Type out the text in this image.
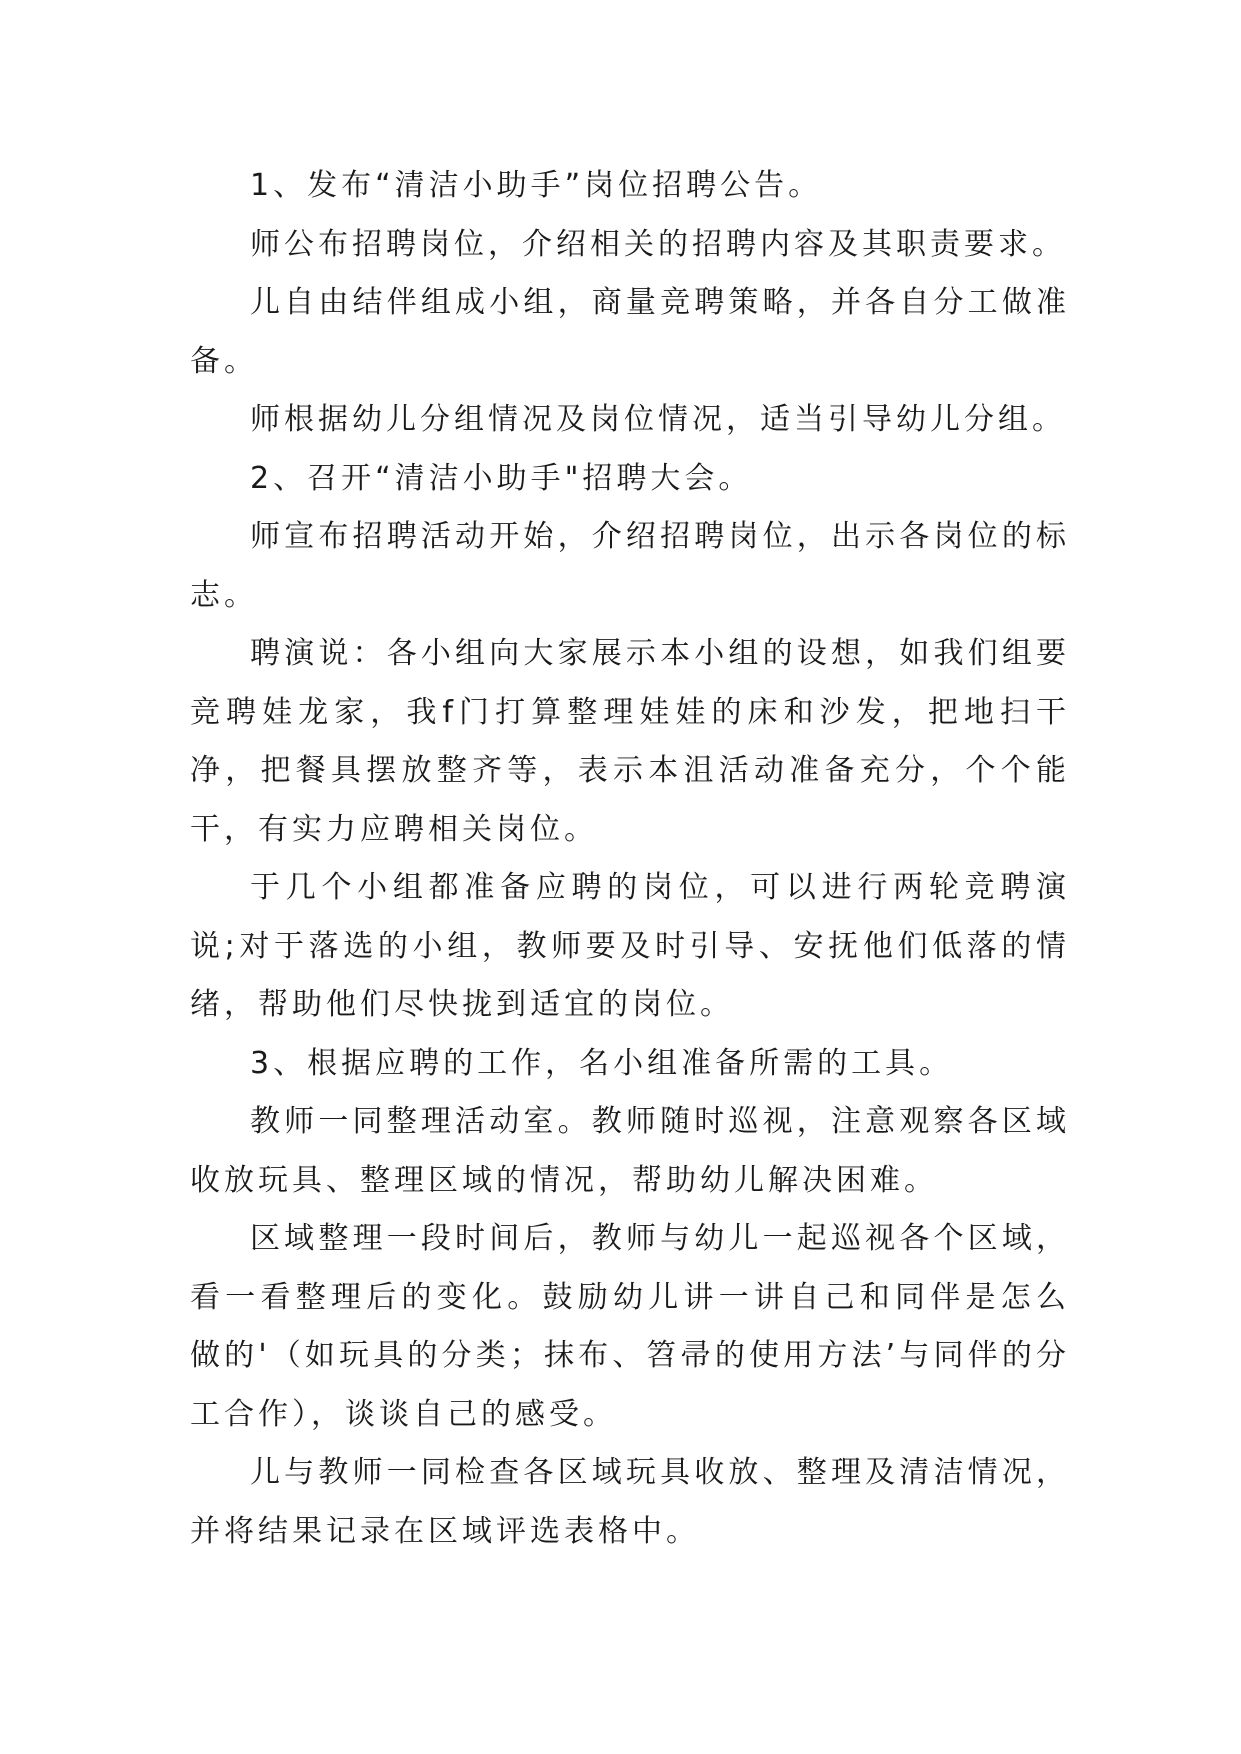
1、发布“清洁小助手”岗位招聘公告。

师公布招聘岗位，介绍相关的招聘内容及其职责要求。

儿自由结伴组成小组，商量竞聘策略，并各自分工做准备。

师根据幼儿分组情况及岗位情况，适当引导幼儿分组。

2、召开“清洁小助手"招聘大会。

师宣布招聘活动开始，介绍招聘岗位，出示各岗位的标志。

聘演说：各小组向大家展示本小组的设想，如我们组要竞聘娃龙家，我f门打算整理娃娃的床和沙发，把地扫干净，把餐具摆放整齐等，表示本沮活动准备充分，个个能干，有实力应聘相关岗位。

于几个小组都准备应聘的岗位，可以进行两轮竞聘演说;对于落选的小组，教师要及时引导、安抚他们低落的情绪，帮助他们尽快拢到适宜的岗位。

3、根据应聘的工作，名小组准备所需的工具。

教师一同整理活动室。教师随时巡视，注意观察各区域收放玩具、整理区域的情况，帮助幼儿解决困难。

区域整理一段时间后，教师与幼儿一起巡视各个区域，看一看整理后的变化。鼓励幼儿讲一讲自己和同伴是怎么做的'（如玩具的分类；抹布、笤帚的使用方法’与同伴的分工合作），谈谈自己的感受。

儿与教师一同检查各区域玩具收放、整理及清洁情况，并将结果记录在区域评选表格中。
